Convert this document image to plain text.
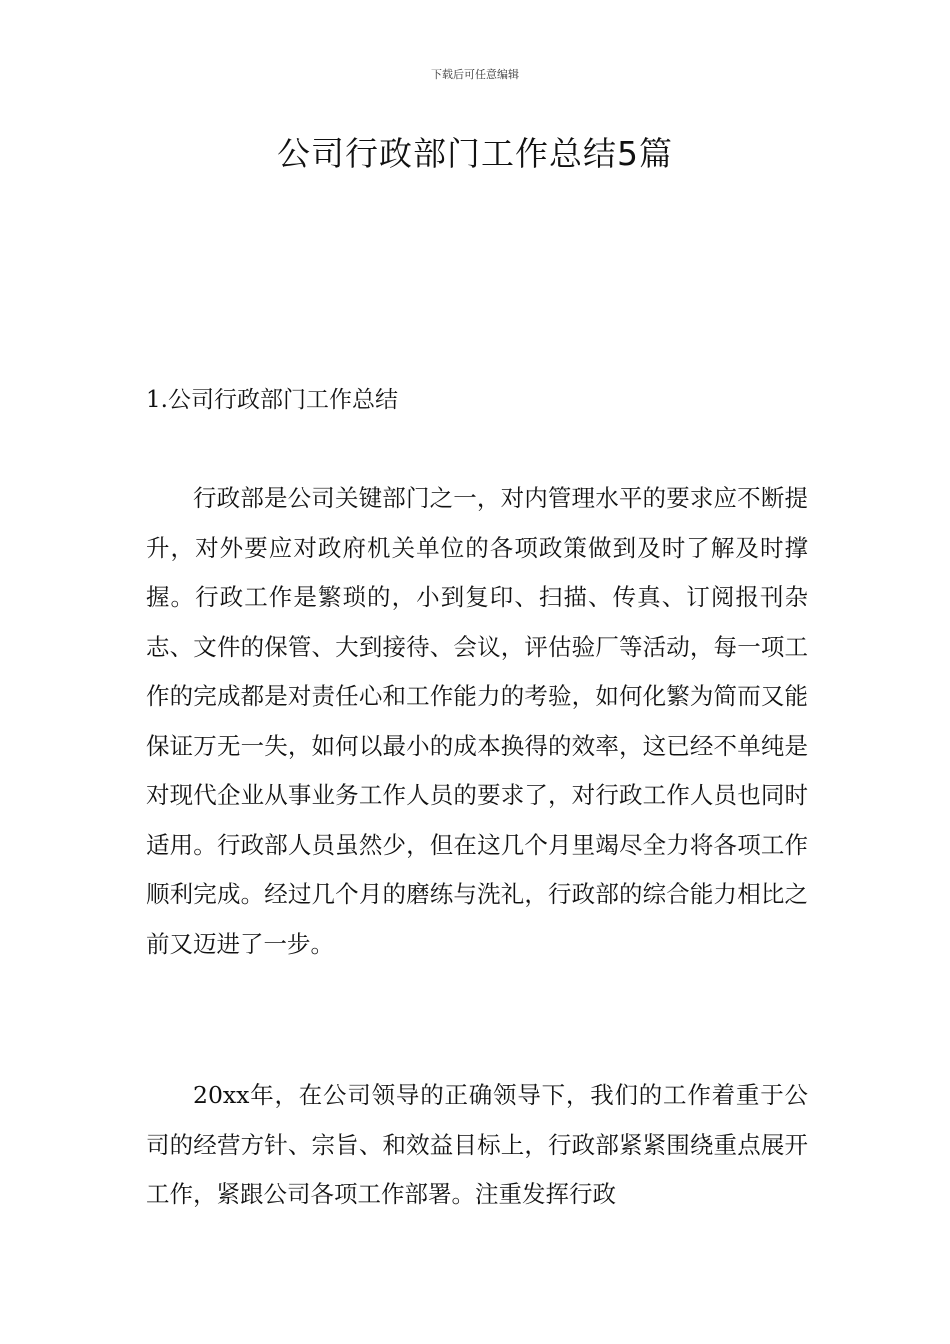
下载后可任意编辑
公司行政部门工作总结5篇
1.公司行政部门工作总结

行政部是公司关键部门之一，对内管理水平的要求应不断提升，对外要应对政府机关单位的各项政策做到及时了解及时撑握。行政工作是繁琐的，小到复印、扫描、传真、订阅报刊杂志、文件的保管、大到接待、会议，评估验厂等活动，每一项工作的完成都是对责任心和工作能力的考验，如何化繁为简而又能保证万无一失，如何以最小的成本换得的效率，这已经不单纯是对现代企业从事业务工作人员的要求了，对行政工作人员也同时适用。行政部人员虽然少，但在这几个月里竭尽全力将各项工作顺利完成。经过几个月的磨练与洗礼，行政部的综合能力相比之前又迈进了一步。

20xx年，在公司领导的正确领导下，我们的工作着重于公司的经营方针、宗旨、和效益目标上，行政部紧紧围绕重点展开工作，紧跟公司各项工作部署。注重发挥行政
